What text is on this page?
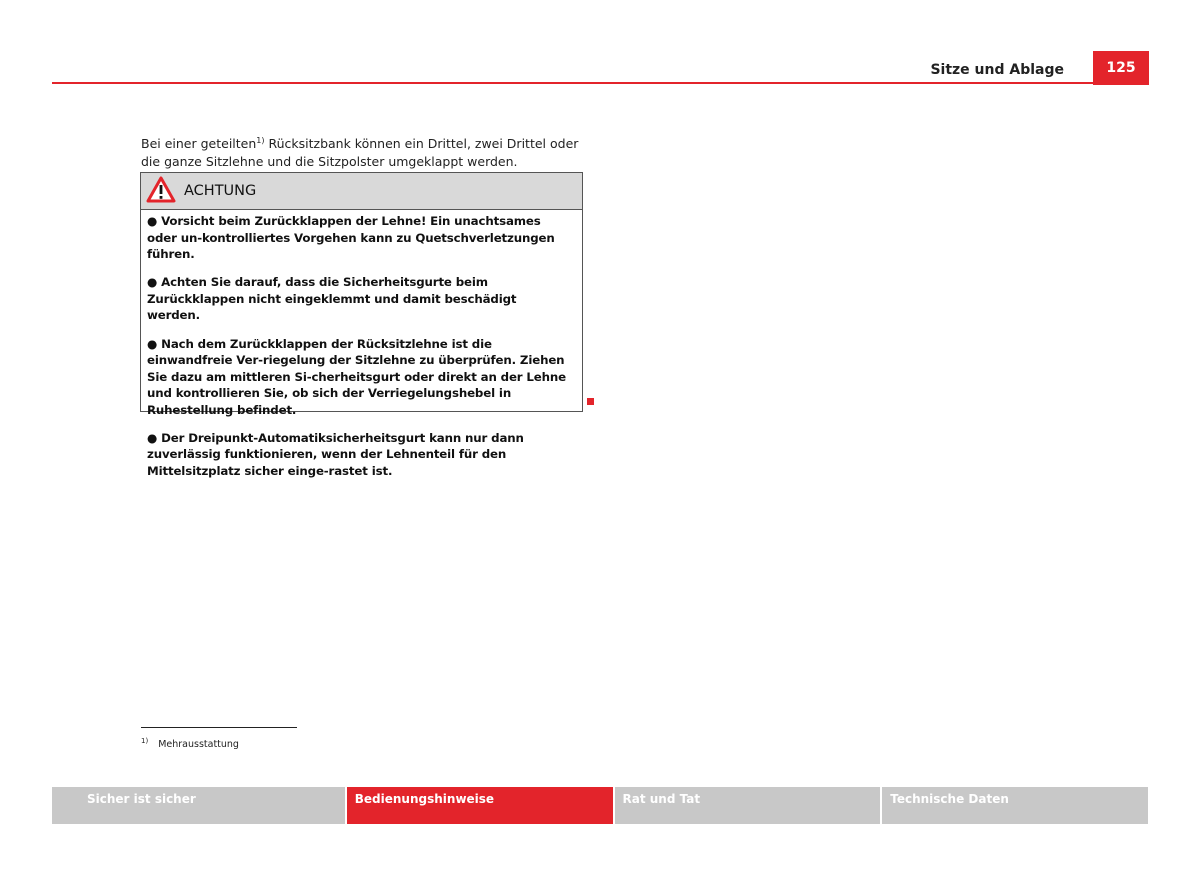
Sitze und Ablage	125

Bei einer geteilten$^{1)}$ Rücksitzbank können ein Drittel, zwei Drittel oder die ganze Sitzlehne und die Sitzpolster umgeklappt werden.

ACHTUNG

● Vorsicht beim Zurückklappen der Lehne! Ein unachtsames oder un-kontrolliertes Vorgehen kann zu Quetschverletzungen führen.

● Achten Sie darauf, dass die Sicherheitsgurte beim Zurückklappen nicht eingeklemmt und damit beschädigt werden.

● Nach dem Zurückklappen der Rücksitzlehne ist die einwandfreie Ver-riegelung der Sitzlehne zu überprüfen. Ziehen Sie dazu am mittleren Si-cherheitsgurt oder direkt an der Lehne und kontrollieren Sie, ob sich der Verriegelungshebel in Ruhestellung befindet.

● Der Dreipunkt-Automatiksicherheitsgurt kann nur dann zuverlässig funktionieren, wenn der Lehnenteil für den Mittelsitzplatz sicher einge-rastet ist.

$^{1)}$ Mehrausstattung
Sicher ist sicher	Bedienungshinweise	Rat und Tat	Technische Daten
